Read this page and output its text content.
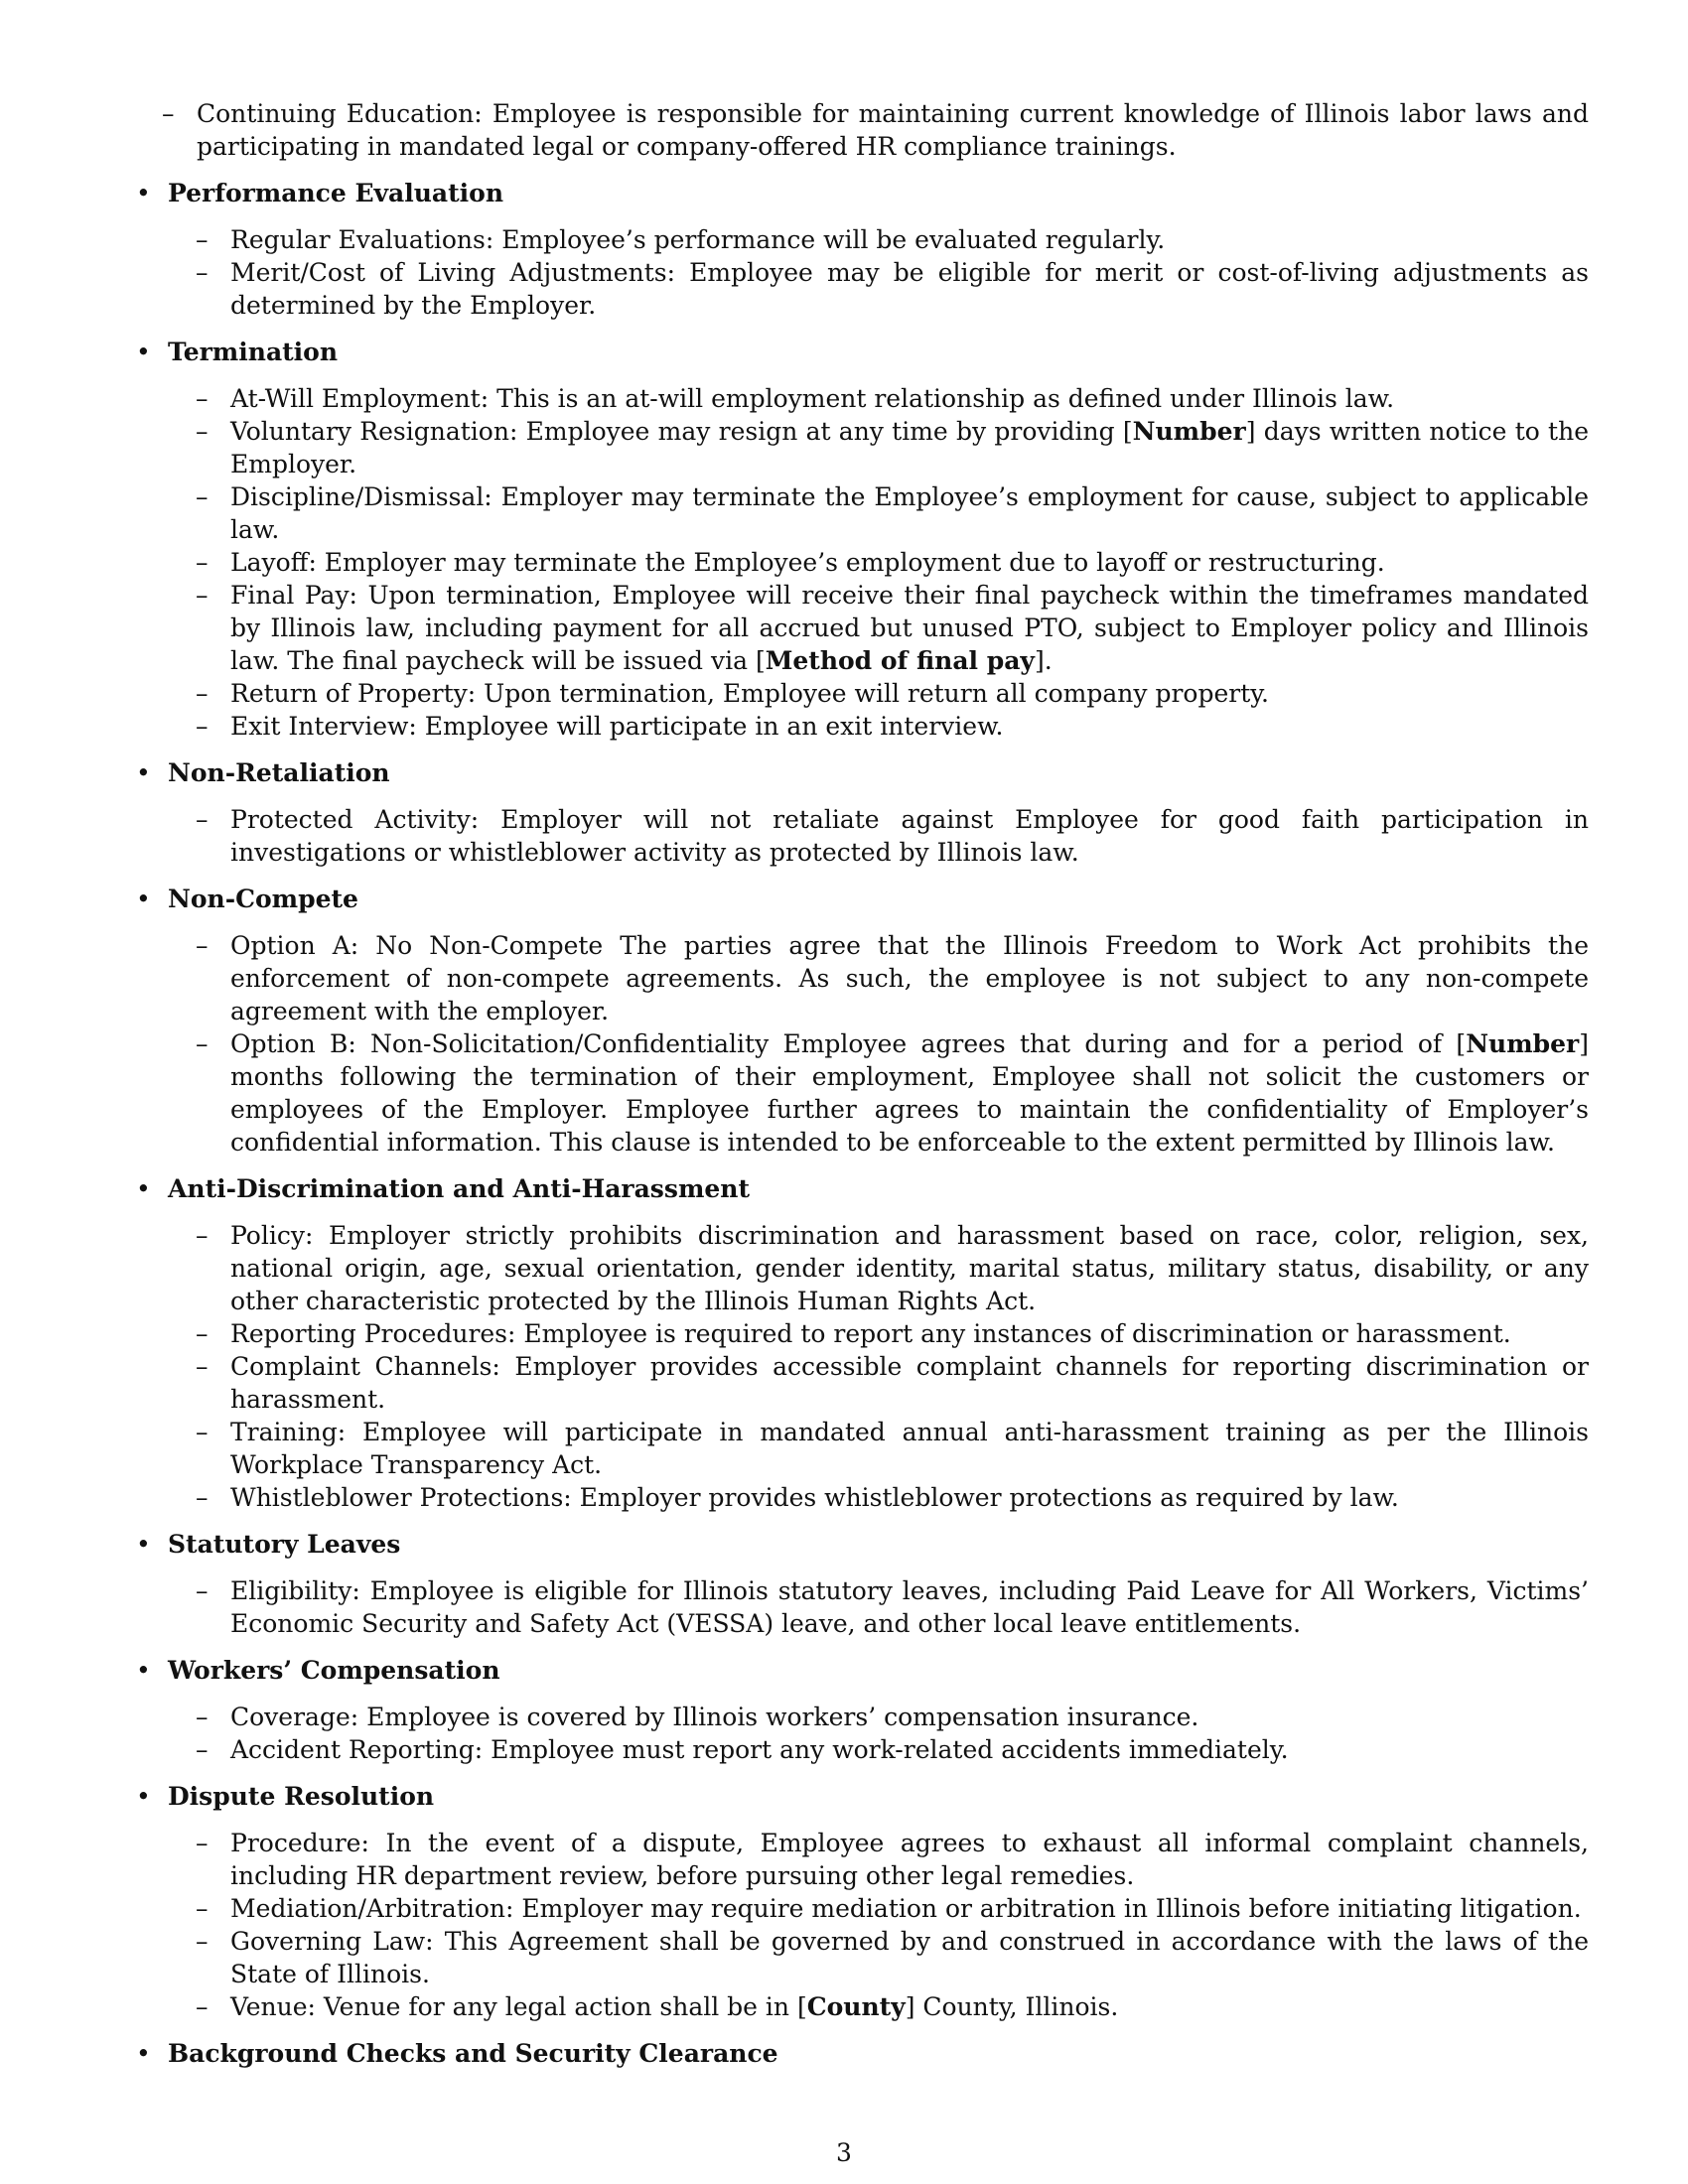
– Continuing Education: Employee is responsible for maintaining current knowledge of Illinois labor laws and participating in mandated legal or company-offered HR compliance trainings.
• Performance Evaluation
– Regular Evaluations: Employee’s performance will be evaluated regularly.
– Merit/Cost of Living Adjustments: Employee may be eligible for merit or cost-of-living adjustments as determined by the Employer.
• Termination
– At-Will Employment: This is an at-will employment relationship as defined under Illinois law.
– Voluntary Resignation: Employee may resign at any time by providing [Number] days written notice to the Employer.
– Discipline/Dismissal: Employer may terminate the Employee’s employment for cause, subject to applicable law.
– Layoff: Employer may terminate the Employee’s employment due to layoff or restructuring.
– Final Pay: Upon termination, Employee will receive their final paycheck within the timeframes mandated by Illinois law, including payment for all accrued but unused PTO, subject to Employer policy and Illinois law. The final paycheck will be issued via [Method of final pay].
– Return of Property: Upon termination, Employee will return all company property.
– Exit Interview: Employee will participate in an exit interview.
• Non-Retaliation
– Protected Activity: Employer will not retaliate against Employee for good faith participation in investigations or whistleblower activity as protected by Illinois law.
• Non-Compete
– Option A: No Non-Compete The parties agree that the Illinois Freedom to Work Act prohibits the enforcement of non-compete agreements. As such, the employee is not subject to any non-compete agreement with the employer.
– Option B: Non-Solicitation/Confidentiality Employee agrees that during and for a period of [Number] months following the termination of their employment, Employee shall not solicit the customers or employees of the Employer. Employee further agrees to maintain the confidentiality of Employer’s confidential information. This clause is intended to be enforceable to the extent permitted by Illinois law.
• Anti-Discrimination and Anti-Harassment
– Policy: Employer strictly prohibits discrimination and harassment based on race, color, religion, sex, national origin, age, sexual orientation, gender identity, marital status, military status, disability, or any other characteristic protected by the Illinois Human Rights Act.
– Reporting Procedures: Employee is required to report any instances of discrimination or harassment.
– Complaint Channels: Employer provides accessible complaint channels for reporting discrimination or harassment.
– Training: Employee will participate in mandated annual anti-harassment training as per the Illinois Workplace Transparency Act.
– Whistleblower Protections: Employer provides whistleblower protections as required by law.
• Statutory Leaves
– Eligibility: Employee is eligible for Illinois statutory leaves, including Paid Leave for All Workers, Victims’ Economic Security and Safety Act (VESSA) leave, and other local leave entitlements.
• Workers’ Compensation
– Coverage: Employee is covered by Illinois workers’ compensation insurance.
– Accident Reporting: Employee must report any work-related accidents immediately.
• Dispute Resolution
– Procedure: In the event of a dispute, Employee agrees to exhaust all informal complaint channels, including HR department review, before pursuing other legal remedies.
– Mediation/Arbitration: Employer may require mediation or arbitration in Illinois before initiating litigation.
– Governing Law: This Agreement shall be governed by and construed in accordance with the laws of the State of Illinois.
– Venue: Venue for any legal action shall be in [County] County, Illinois.
• Background Checks and Security Clearance
3
